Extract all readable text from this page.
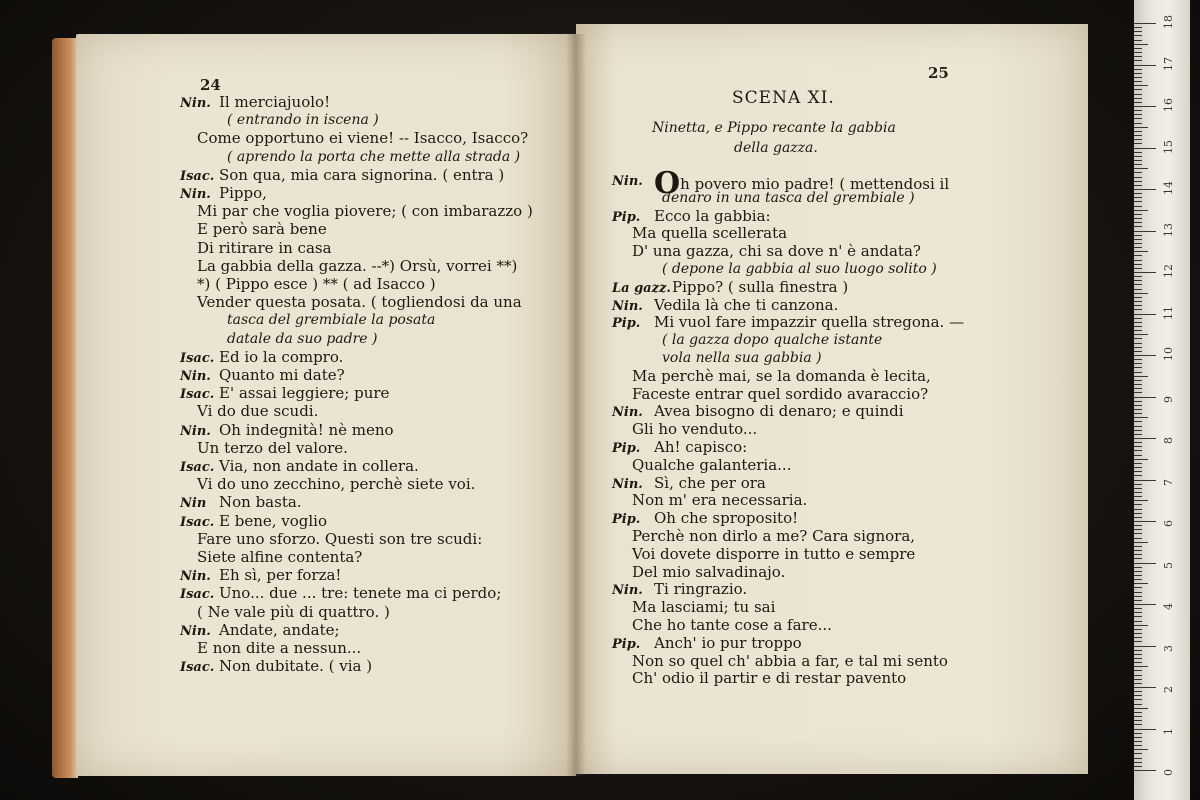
24
25
Nin. Il merciajuolo!
( entrando in iscena )
Come opportuno ei viene! -- Isacco, Isacco?
( aprendo la porta che mette alla strada )
Isac. Son qua, mia cara signorina. ( entra )
Nin. Pippo,
Mi par che voglia piovere; ( con imbarazzo )
E però sarà bene
Di ritirare in casa
La gabbia della gazza. --*) Orsù, vorrei **)
*) ( Pippo esce ) ** ( ad Isacco )
Vender questa posata. ( togliendosi da una
tasca del grembiale la posata
datale da suo padre )
Isac. Ed io la compro.
Nin. Quanto mi date?
Isac. E' assai leggiere; pure
Vi do due scudi.
Nin. Oh indegnità! nè meno
Un terzo del valore.
Isac. Via, non andate in collera.
Vi do uno zecchino, perchè siete voi.
Nin Non basta.
Isac. E bene, voglio
Fare uno sforzo. Questi son tre scudi:
Siete alfine contenta?
Nin. Eh sì, per forza!
Isac. Uno... due ... tre: tenete ma ci perdo;
( Ne vale più di quattro. )
Nin. Andate, andate;
E non dite a nessun...
Isac. Non dubitate. ( via )
SCENA XI.
Ninetta, e Pippo recante la gabbia
della gazza.
Nin. Oh povero mio padre! ( mettendosi il
denaro in una tasca del grembiale )
Pip. Ecco la gabbia:
Ma quella scellerata
D' una gazza, chi sa dove n' è andata?
( depone la gabbia al suo luogo solito )
La gazz. Pippo? ( sulla finestra )
Nin. Vedila là che ti canzona.
Pip. Mi vuol fare impazzir quella stregona. —
( la gazza dopo qualche istante
vola nella sua gabbia )
Ma perchè mai, se la domanda è lecita,
Faceste entrar quel sordido avaraccio?
Nin. Avea bisogno di denaro; e quindi
Gli ho venduto...
Pip. Ah! capisco:
Qualche galanteria...
Nin. Sì, che per ora
Non m' era necessaria.
Pip. Oh che sproposito!
Perchè non dirlo a me? Cara signora,
Voi dovete disporre in tutto e sempre
Del mio salvadinajo.
Nin. Ti ringrazio.
Ma lasciami; tu sai
Che ho tante cose a fare...
Pip. Anch' io pur troppo
Non so quel ch' abbia a far, e tal mi sento
Ch' odio il partir e di restar pavento
0
1
2
3
4
5
6
7
8
9
10
11
12
13
14
15
16
17
18
